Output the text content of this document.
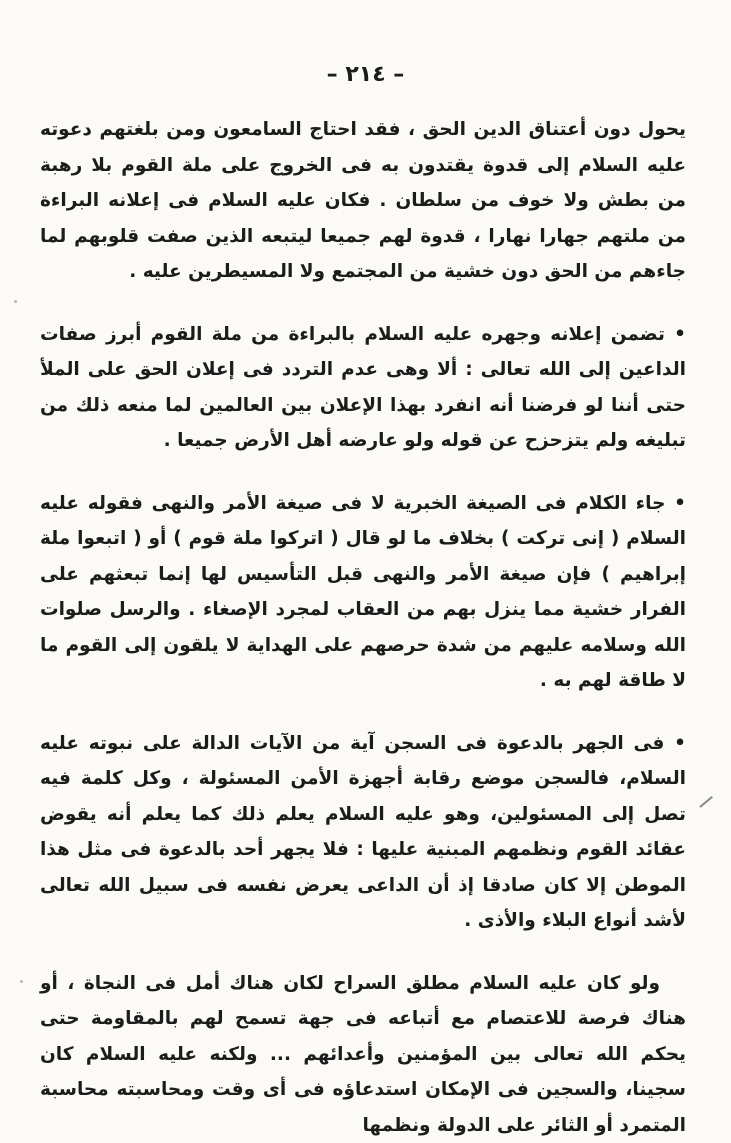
– ٢١٤ –

يحول دون أعتناق الدين الحق ، فقد احتاج السامعون ومن بلغتهم دعوته عليه السلام إلى قدوة يقتدون به فى الخروج على ملة القوم بلا رهبة من بطش ولا خوف من سلطان . فكان عليه السلام فى إعلانه البراءة من ملتهم جهارا نهارا ، قدوة لهم جميعا ليتبعه الذين صفت قلوبهم لما جاءهم من الحق دون خشية من المجتمع ولا المسيطرين عليه .

• تضمن إعلانه وجهره عليه السلام بالبراءة من ملة القوم أبرز صفات الداعين إلى الله تعالى : ألا وهى عدم التردد فى إعلان الحق على الملأ حتى أننا لو فرضنا أنه انفرد بهذا الإعلان بين العالمين لما منعه ذلك من تبليغه ولم يتزحزح عن قوله ولو عارضه أهل الأرض جميعا .

• جاء الكلام فى الصيغة الخبرية لا فى صيغة الأمر والنهى فقوله عليه السلام ( إنى تركت ) بخلاف ما لو قال ( اتركوا ملة قوم ) أو ( اتبعوا ملة إبراهيم ) فإن صيغة الأمر والنهى قبل التأسيس لها إنما تبعثهم على الفرار خشية مما ينزل بهم من العقاب لمجرد الإصغاء . والرسل صلوات الله وسلامه عليهم من شدة حرصهم على الهداية لا يلقون إلى القوم ما لا طاقة لهم به .

• فى الجهر بالدعوة فى السجن آية من الآيات الدالة على نبوته عليه السلام، فالسجن موضع رقابة أجهزة الأمن المسئولة ، وكل كلمة فيه تصل إلى المسئولين، وهو عليه السلام يعلم ذلك كما يعلم أنه يقوض عقائد القوم ونظمهم المبنية عليها : فلا يجهر أحد بالدعوة فى مثل هذا الموطن إلا كان صادقا إذ أن الداعى يعرض نفسه فى سبيل الله تعالى لأشد أنواع البلاء والأذى .

ولو كان عليه السلام مطلق السراح لكان هناك أمل فى النجاة ، أو هناك فرصة للاعتصام مع أتباعه فى جهة تسمح لهم بالمقاومة حتى يحكم الله تعالى بين المؤمنين وأعدائهم ... ولكنه عليه السلام كان سجينا، والسجين فى الإمكان استدعاؤه فى أى وقت ومحاسبته محاسبة المتمرد أو الثائر على الدولة ونظمها
